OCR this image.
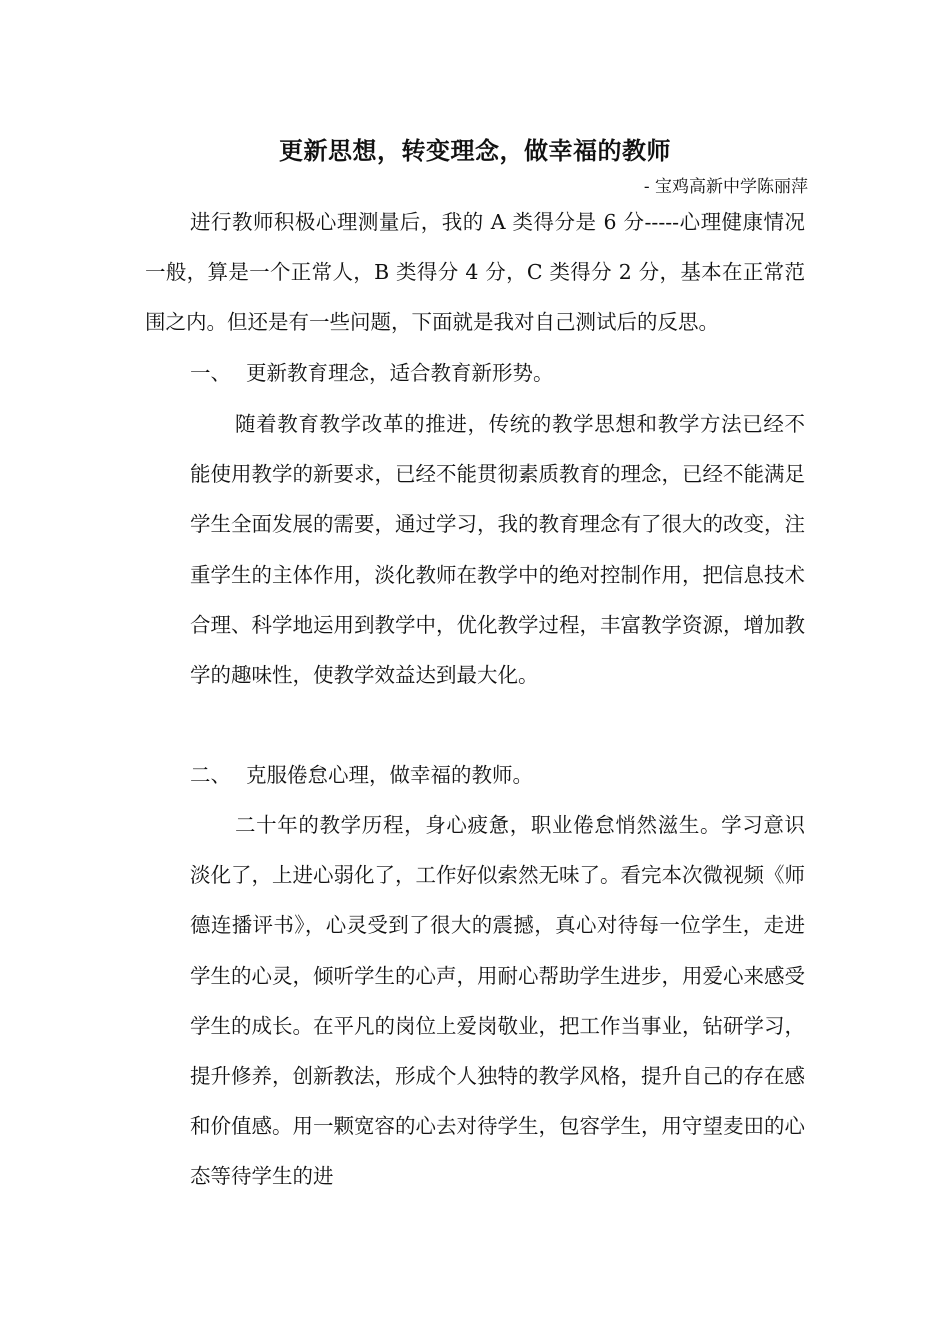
更新思想，转变理念，做幸福的教师
- 宝鸡高新中学陈丽萍

进行教师积极心理测量后，我的 A 类得分是 6 分-----心理健康情况一般，算是一个正常人，B 类得分 4 分，C 类得分 2 分，基本在正常范围之内。但还是有一些问题，下面就是我对自己测试后的反思。

一、 更新教育理念，适合教育新形势。

随着教育教学改革的推进，传统的教学思想和教学方法已经不能使用教学的新要求，已经不能贯彻素质教育的理念，已经不能满足学生全面发展的需要，通过学习，我的教育理念有了很大的改变，注重学生的主体作用，淡化教师在教学中的绝对控制作用，把信息技术合理、科学地运用到教学中，优化教学过程，丰富教学资源，增加教学的趣味性，使教学效益达到最大化。

二、 克服倦怠心理，做幸福的教师。

二十年的教学历程，身心疲惫，职业倦怠悄然滋生。学习意识淡化了，上进心弱化了，工作好似索然无味了。看完本次微视频《师德连播评书》，心灵受到了很大的震撼，真心对待每一位学生，走进学生的心灵，倾听学生的心声，用耐心帮助学生进步，用爱心来感受学生的成长。在平凡的岗位上爱岗敬业，把工作当事业，钻研学习，提升修养，创新教法，形成个人独特的教学风格，提升自己的存在感和价值感。用一颗宽容的心去对待学生，包容学生，用守望麦田的心态等待学生的进
